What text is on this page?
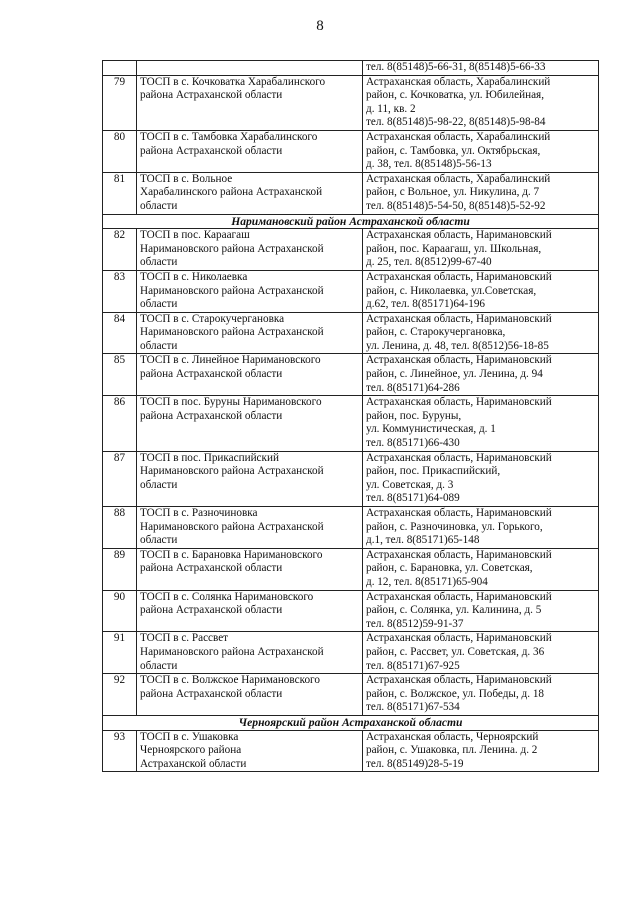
8

		тел. 8(85148)5-66-31, 8(85148)5-66-33

79	ТОСП в с. Кочковатка Харабалинского
района Астраханской области	Астраханская область, Харабалинский
район, с. Кочковатка, ул. Юбилейная,
д. 11, кв. 2
тел. 8(85148)5-98-22, 8(85148)5-98-84

80	ТОСП в с. Тамбовка Харабалинского
района Астраханской области	Астраханская область, Харабалинский
район, с. Тамбовка, ул. Октябрьская,
д. 38, тел. 8(85148)5-56-13

81	ТОСП в с. Вольное
Харабалинского района Астраханской
области	Астраханская область, Харабалинский
район, с Вольное, ул. Никулина, д. 7
тел. 8(85148)5-54-50, 8(85148)5-52-92

Наримановский район Астраханской области		
82	ТОСП в пос. Караагаш
Наримановского района Астраханской
области	Астраханская область, Наримановский
район, пос. Караагаш, ул. Школьная,
д. 25, тел. 8(8512)99-67-40

83	ТОСП в с. Николаевка
Наримановского района Астраханской
области	Астраханская область, Наримановский
район, с. Николаевка, ул.Советская,
д.62, тел. 8(85171)64-196

84	ТОСП в с. Старокучергановка
Наримановского района Астраханской
области	Астраханская область, Наримановский
район, с. Старокучергановка,
ул. Ленина, д. 48, тел. 8(8512)56-18-85

85	ТОСП в с. Линейное Наримановского
района Астраханской области	Астраханская область, Наримановский
район, с. Линейное, ул. Ленина, д. 94
тел. 8(85171)64-286

86	ТОСП в пос. Буруны Наримановского
района Астраханской области	Астраханская область, Наримановский
район, пос. Буруны,
ул. Коммунистическая, д. 1
тел. 8(85171)66-430

87	ТОСП в пос. Прикаспийский
Наримановского района Астраханской
области	Астраханская область, Наримановский
район, пос. Прикаспийский,
ул. Советская, д. 3
тел. 8(85171)64-089

88	ТОСП в с. Разночиновка
Наримановского района Астраханской
области	Астраханская область, Наримановский
район, с. Разночиновка, ул. Горького,
д.1, тел. 8(85171)65-148

89	ТОСП в с. Барановка Наримановского
района Астраханской области	Астраханская область, Наримановский
район, с. Барановка, ул. Советская,
д. 12, тел. 8(85171)65-904

90	ТОСП в с. Солянка Наримановского
района Астраханской области	Астраханская область, Наримановский
район, с. Солянка, ул. Калинина, д. 5
тел. 8(8512)59-91-37

91	ТОСП в с. Рассвет
Наримановского района Астраханской
области	Астраханская область, Наримановский
район, с. Рассвет, ул. Советская, д. 36
тел. 8(85171)67-925

92	ТОСП в с. Волжское Наримановского
района Астраханской области	Астраханская область, Наримановский
район, с. Волжское, ул. Победы, д. 18
тел. 8(85171)67-534

Черноярский район Астраханской области		
93	ТОСП в с. Ушаковка
Черноярского района
Астраханской области	Астраханская область, Черноярский
район, с. Ушаковка, пл. Ленина. д. 2
тел. 8(85149)28-5-19
